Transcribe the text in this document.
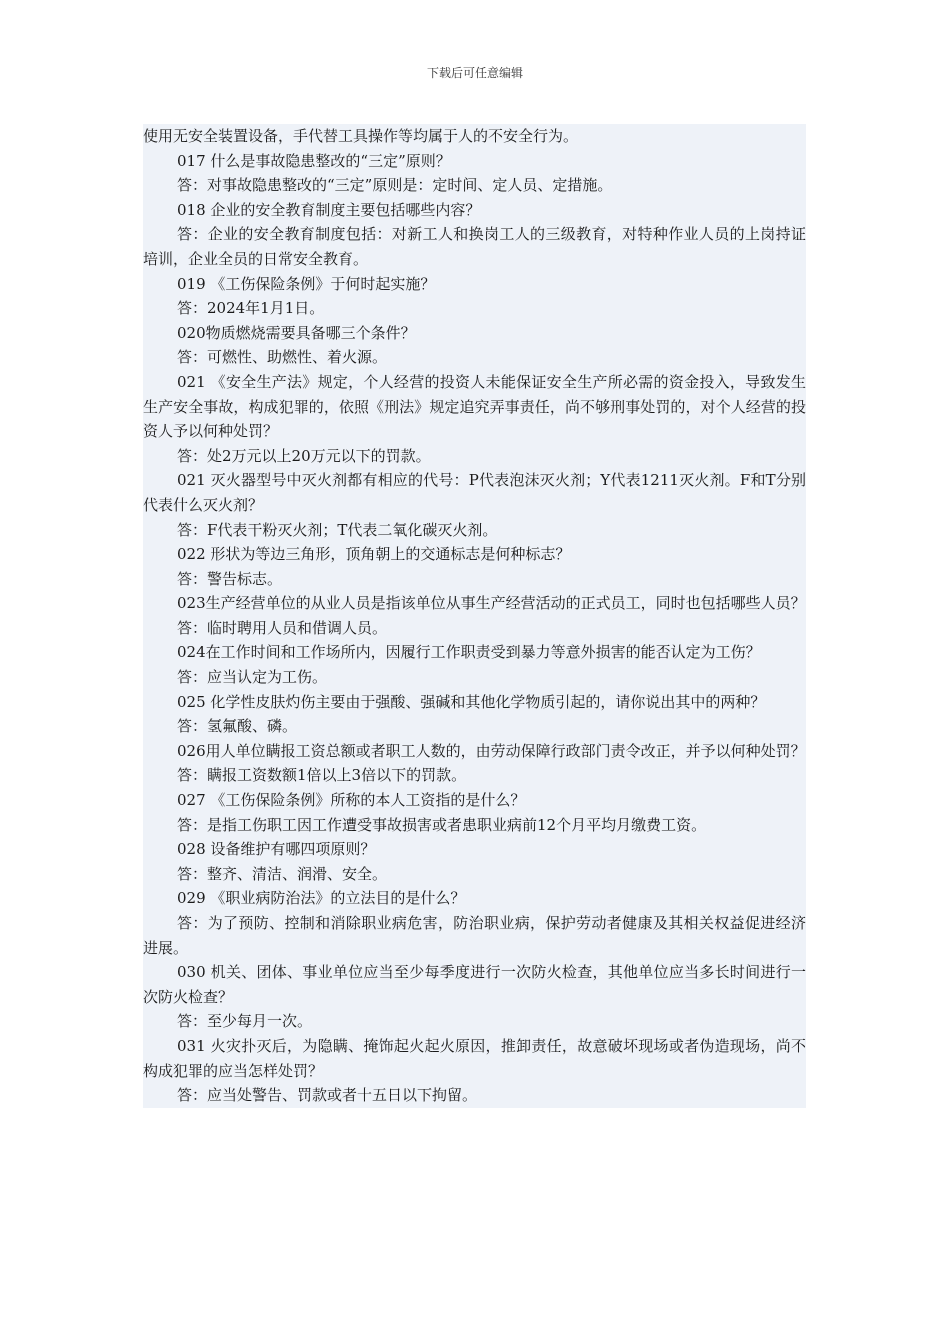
下载后可任意编辑

使用无安全装置设备，手代替工具操作等均属于人的不安全行为。

017 什么是事故隐患整改的“三定”原则？

答：对事故隐患整改的“三定”原则是：定时间、定人员、定措施。

018 企业的安全教育制度主要包括哪些内容？

答：企业的安全教育制度包括：对新工人和换岗工人的三级教育，对特种作业人员的上岗持证培训，企业全员的日常安全教育。

019 《工伤保险条例》于何时起实施？

答：2024年1月1日。

020物质燃烧需要具备哪三个条件？

答：可燃性、助燃性、着火源。

021 《安全生产法》规定，个人经营的投资人未能保证安全生产所必需的资金投入，导致发生生产安全事故，构成犯罪的，依照《刑法》规定追究弄事责任，尚不够刑事处罚的，对个人经营的投资人予以何种处罚？

答：处2万元以上20万元以下的罚款。

021 灭火器型号中灭火剂都有相应的代号：P代表泡沫灭火剂；Y代表1211灭火剂。F和T分别代表什么灭火剂？

答：F代表干粉灭火剂；T代表二氧化碳灭火剂。

022 形状为等边三角形，顶角朝上的交通标志是何种标志？

答：警告标志。

023生产经营单位的从业人员是指该单位从事生产经营活动的正式员工，同时也包括哪些人员？

答：临时聘用人员和借调人员。

024在工作时间和工作场所内，因履行工作职责受到暴力等意外损害的能否认定为工伤？

答：应当认定为工伤。

025 化学性皮肤灼伤主要由于强酸、强碱和其他化学物质引起的，请你说出其中的两种？

答：氢氟酸、磷。

026用人单位瞒报工资总额或者职工人数的，由劳动保障行政部门责令改正，并予以何种处罚？

答：瞒报工资数额1倍以上3倍以下的罚款。

027 《工伤保险条例》所称的本人工资指的是什么？

答：是指工伤职工因工作遭受事故损害或者患职业病前12个月平均月缴费工资。

028 设备维护有哪四项原则？

答：整齐、清洁、润滑、安全。

029 《职业病防治法》的立法目的是什么？

答：为了预防、控制和消除职业病危害，防治职业病，保护劳动者健康及其相关权益促进经济进展。

030 机关、团体、事业单位应当至少每季度进行一次防火检查，其他单位应当多长时间进行一次防火检查？

答：至少每月一次。

031 火灾扑灭后，为隐瞒、掩饰起火起火原因，推卸责任，故意破坏现场或者伪造现场，尚不构成犯罪的应当怎样处罚？

答：应当处警告、罚款或者十五日以下拘留。
